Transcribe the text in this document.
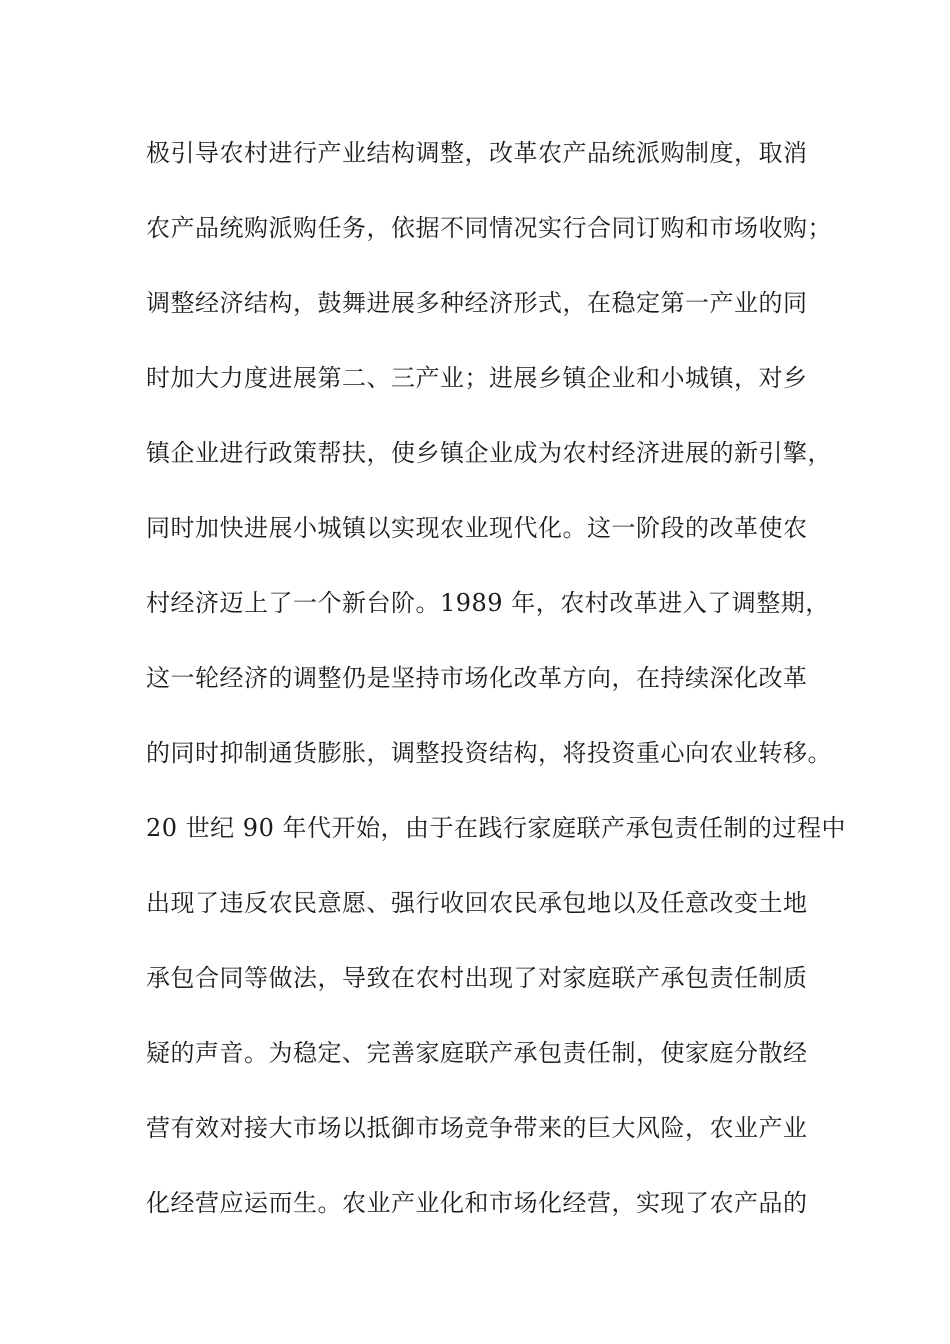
极引导农村进行产业结构调整，改革农产品统派购制度，取消
农产品统购派购任务，依据不同情况实行合同订购和市场收购；
调整经济结构，鼓舞进展多种经济形式，在稳定第一产业的同
时加大力度进展第二、三产业；进展乡镇企业和小城镇，对乡
镇企业进行政策帮扶，使乡镇企业成为农村经济进展的新引擎，
同时加快进展小城镇以实现农业现代化。这一阶段的改革使农
村经济迈上了一个新台阶。1989 年，农村改革进入了调整期，
这一轮经济的调整仍是坚持市场化改革方向，在持续深化改革
的同时抑制通货膨胀，调整投资结构，将投资重心向农业转移。
20 世纪 90 年代开始，由于在践行家庭联产承包责任制的过程中
出现了违反农民意愿、强行收回农民承包地以及任意改变土地
承包合同等做法，导致在农村出现了对家庭联产承包责任制质
疑的声音。为稳定、完善家庭联产承包责任制，使家庭分散经
营有效对接大市场以抵御市场竞争带来的巨大风险，农业产业
化经营应运而生。农业产业化和市场化经营，实现了农产品的
